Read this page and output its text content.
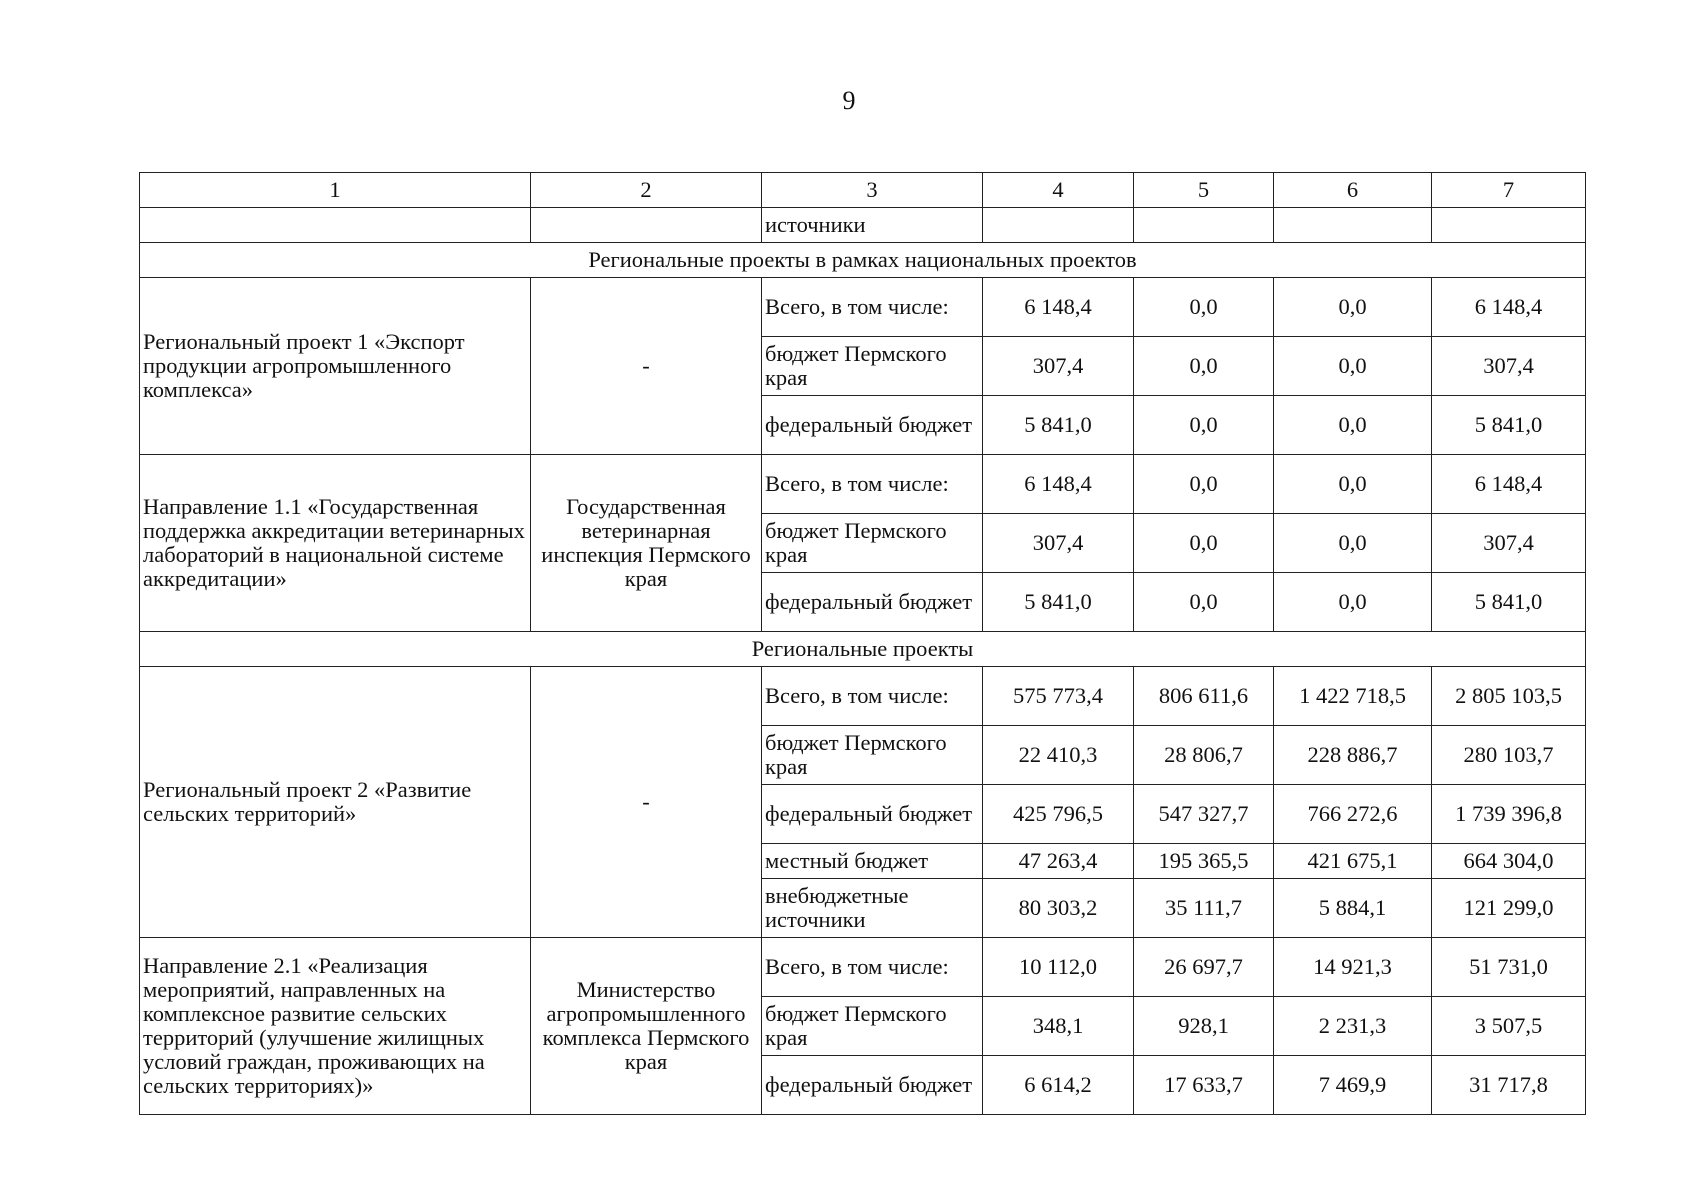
9
1	2	3	4	5	6	7
		источники				
Региональные проекты в рамках национальных проектов						
Региональный проект 1 «Экспорт продукции агропромышленного комплекса»	-	Всего, в том числе:	6 148,4	0,0	0,0	6 148,4
		бюджет Пермского края	307,4	0,0	0,0	307,4
		федеральный бюджет	5 841,0	0,0	0,0	5 841,0
Направление 1.1 «Государственная поддержка аккредитации ветеринарных лабораторий в национальной системе аккредитации»	Государственная ветеринарная инспекция Пермского края	Всего, в том числе:	6 148,4	0,0	0,0	6 148,4
		бюджет Пермского края	307,4	0,0	0,0	307,4
		федеральный бюджет	5 841,0	0,0	0,0	5 841,0
Региональные проекты						
Региональный проект 2 «Развитие сельских территорий»	-	Всего, в том числе:	575 773,4	806 611,6	1 422 718,5	2 805 103,5
		бюджет Пермского края	22 410,3	28 806,7	228 886,7	280 103,7
		федеральный бюджет	425 796,5	547 327,7	766 272,6	1 739 396,8
		местный бюджет	47 263,4	195 365,5	421 675,1	664 304,0
		внебюджетные источники	80 303,2	35 111,7	5 884,1	121 299,0
Направление 2.1 «Реализация мероприятий, направленных на комплексное развитие сельских территорий (улучшение жилищных условий граждан, проживающих на сельских территориях)»	Министерство агропромышленного комплекса Пермского края	Всего, в том числе:	10 112,0	26 697,7	14 921,3	51 731,0
		бюджет Пермского края	348,1	928,1	2 231,3	3 507,5
		федеральный бюджет	6 614,2	17 633,7	7 469,9	31 717,8
